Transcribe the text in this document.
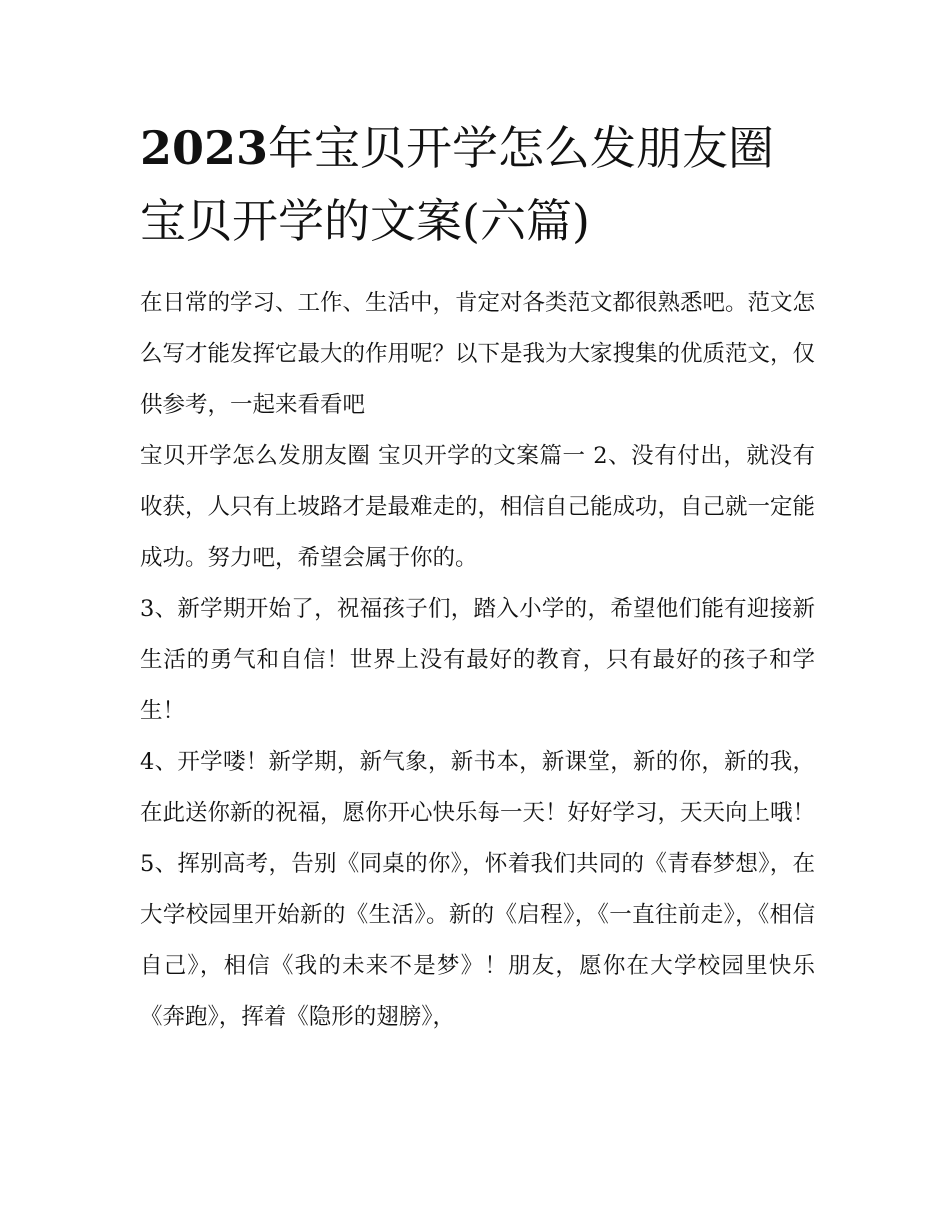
2023年宝贝开学怎么发朋友圈宝贝开学的文案(六篇)

在日常的学习、工作、生活中，肯定对各类范文都很熟悉吧。范文怎么写才能发挥它最大的作用呢？以下是我为大家搜集的优质范文，仅供参考，一起来看看吧

宝贝开学怎么发朋友圈 宝贝开学的文案篇一 2、没有付出，就没有收获，人只有上坡路才是最难走的，相信自己能成功，自己就一定能成功。努力吧，希望会属于你的。

3、新学期开始了，祝福孩子们，踏入小学的，希望他们能有迎接新生活的勇气和自信！世界上没有最好的教育，只有最好的孩子和学生！

4、开学喽！新学期，新气象，新书本，新课堂，新的你，新的我，在此送你新的祝福，愿你开心快乐每一天！好好学习，天天向上哦！

5、挥别高考，告别《同桌的你》，怀着我们共同的《青春梦想》，在大学校园里开始新的《生活》。新的《启程》，《一直往前走》，《相信自己》，相信《我的未来不是梦》！朋友，愿你在大学校园里快乐《奔跑》，挥着《隐形的翅膀》，
